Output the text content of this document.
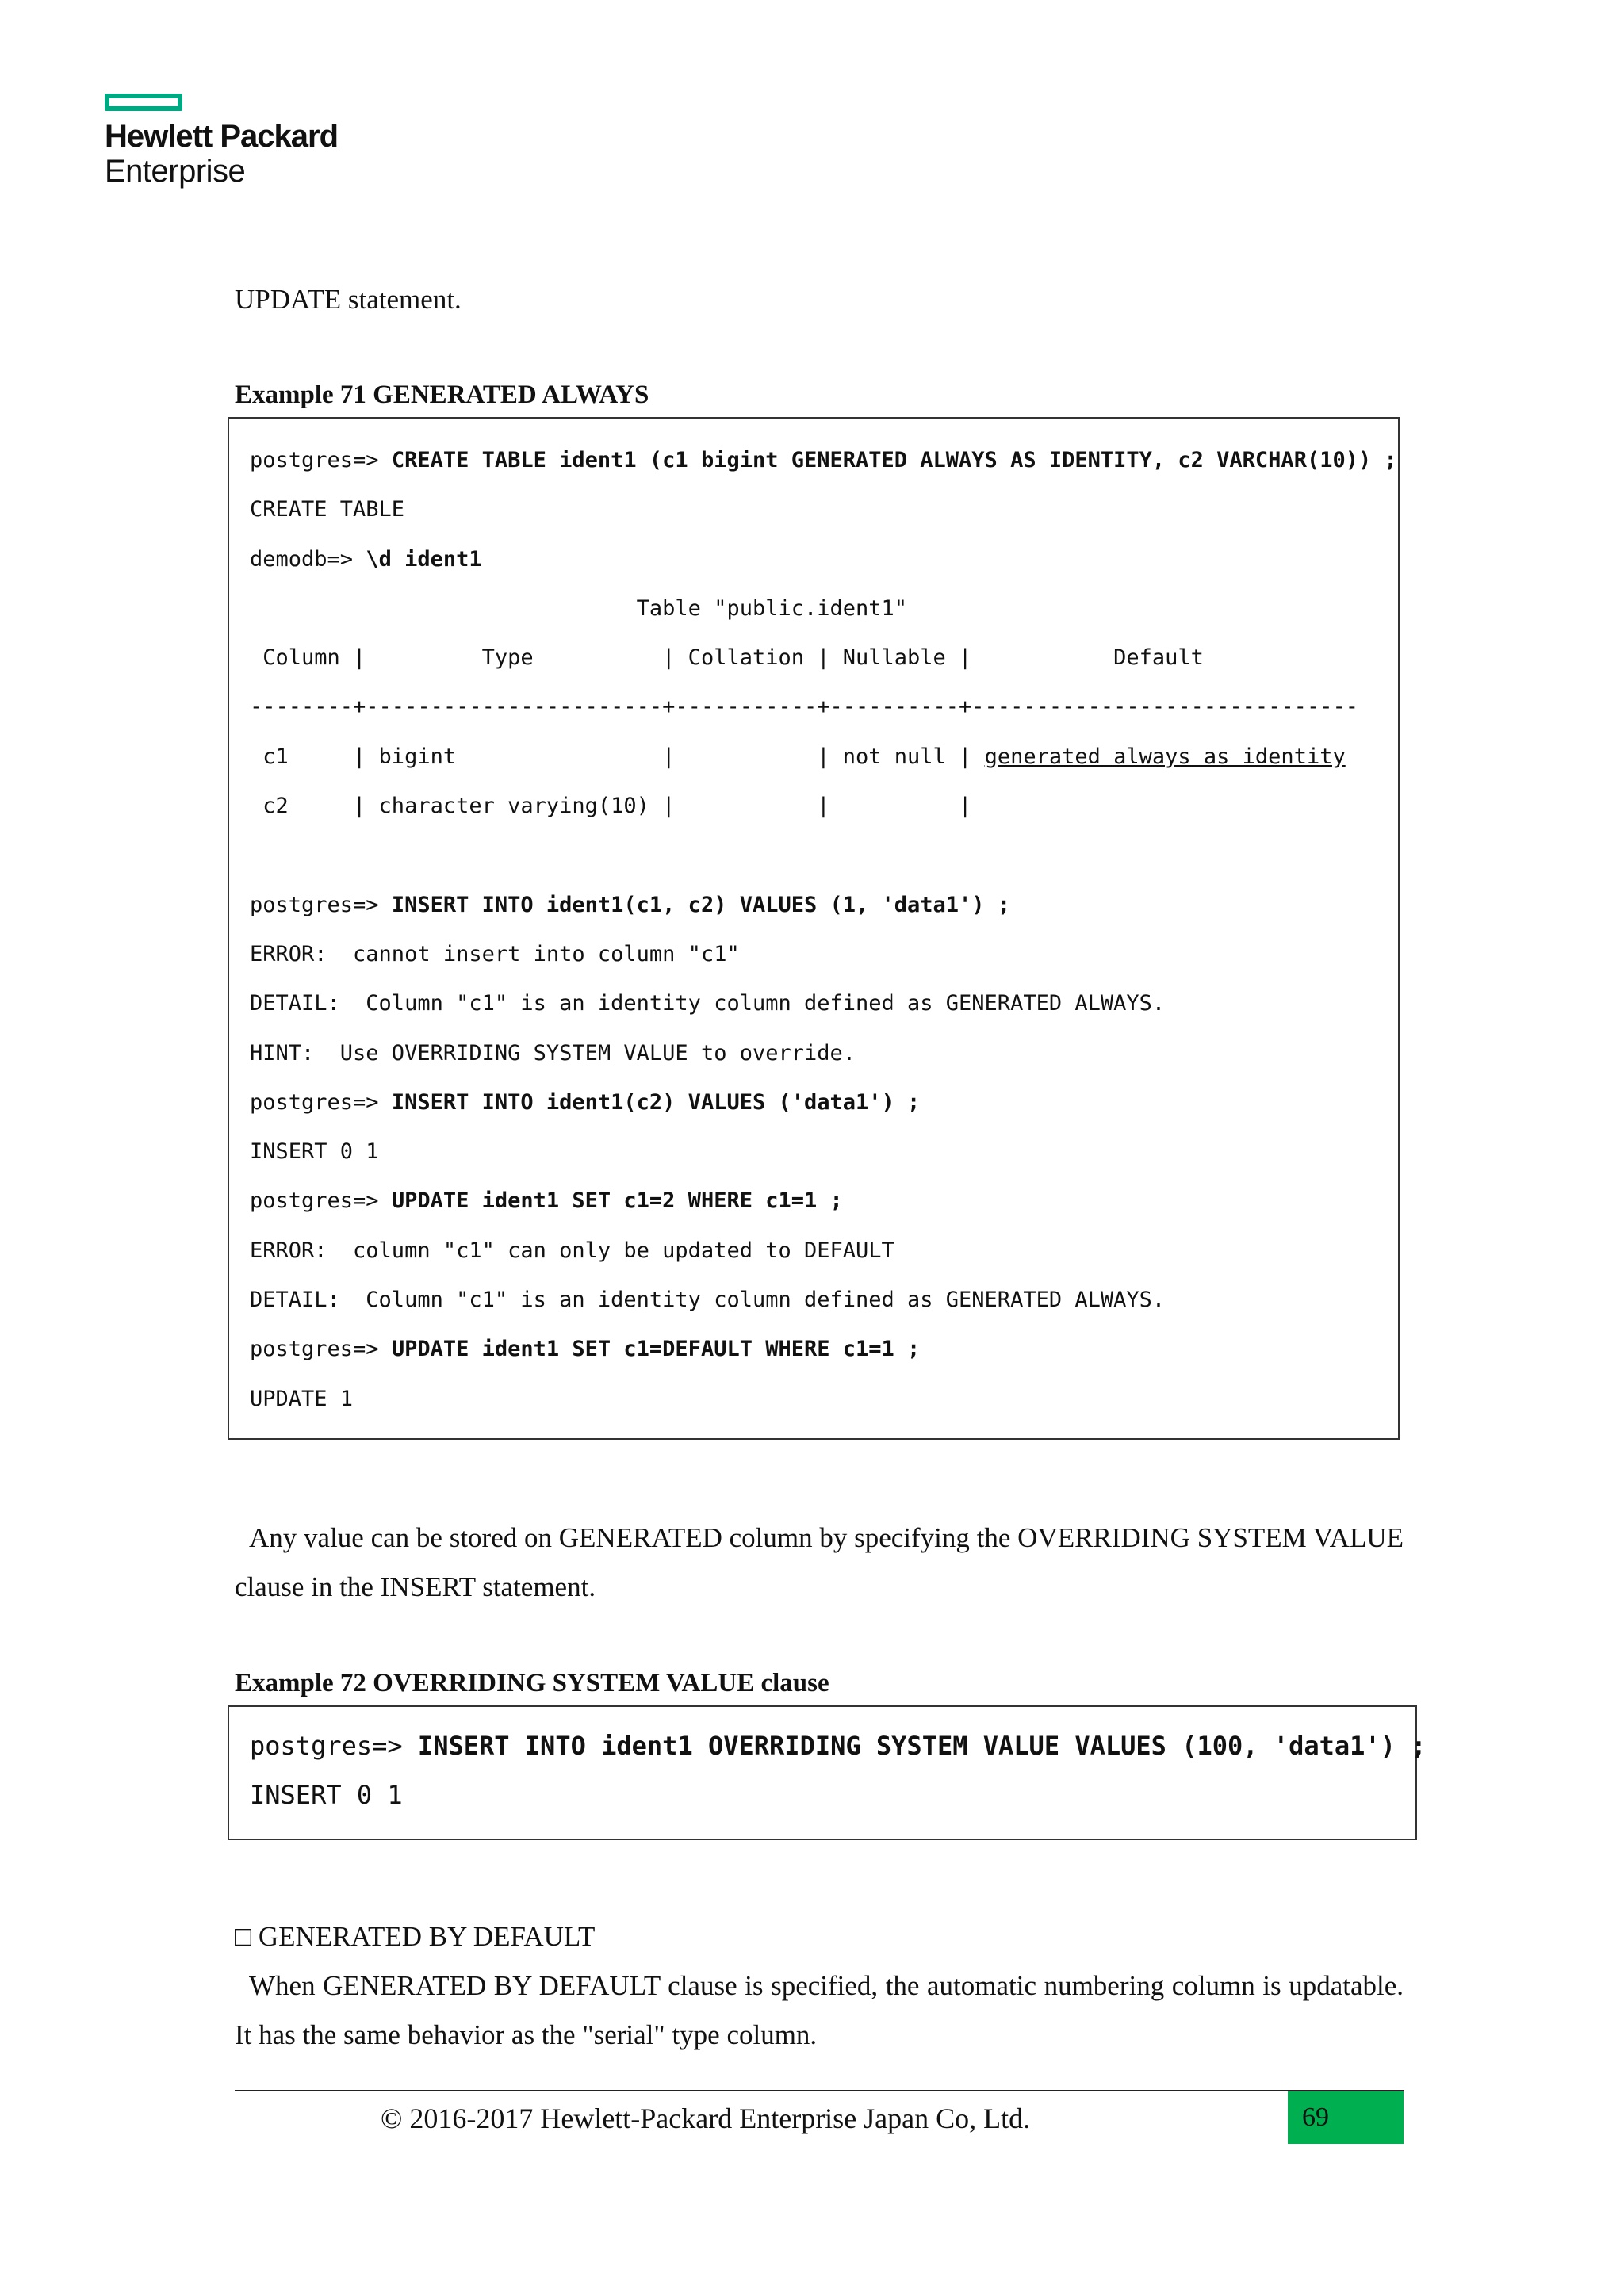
Hewlett Packard
Enterprise
UPDATE statement.
Example 71 GENERATED ALWAYS
postgres=> CREATE TABLE ident1 (c1 bigint GENERATED ALWAYS AS IDENTITY, c2 VARCHAR(10)) ;
CREATE TABLE
demodb=> \d ident1
Table "public.ident1"
Column |         Type          | Collation | Nullable |           Default
--------+-----------------------+-----------+----------+------------------------------
c1     | bigint                |           | not null | generated always as identity
c2     | character varying(10) |           |          |

postgres=> INSERT INTO ident1(c1, c2) VALUES (1, 'data1') ;
ERROR:  cannot insert into column "c1"
DETAIL:  Column "c1" is an identity column defined as GENERATED ALWAYS.
HINT:  Use OVERRIDING SYSTEM VALUE to override.
postgres=> INSERT INTO ident1(c2) VALUES ('data1') ;
INSERT 0 1
postgres=> UPDATE ident1 SET c1=2 WHERE c1=1 ;
ERROR:  column "c1" can only be updated to DEFAULT
DETAIL:  Column "c1" is an identity column defined as GENERATED ALWAYS.
postgres=> UPDATE ident1 SET c1=DEFAULT WHERE c1=1 ;
UPDATE 1
Any value can be stored on GENERATED column by specifying the OVERRIDING SYSTEM VALUE clause in the INSERT statement.
Example 72 OVERRIDING SYSTEM VALUE clause
postgres=> INSERT INTO ident1 OVERRIDING SYSTEM VALUE VALUES (100, 'data1') ;
INSERT 0 1
□ GENERATED BY DEFAULT
When GENERATED BY DEFAULT clause is specified, the automatic numbering column is updatable. It has the same behavior as the "serial" type column.
© 2016-2017 Hewlett-Packard Enterprise Japan Co, Ltd.	69
